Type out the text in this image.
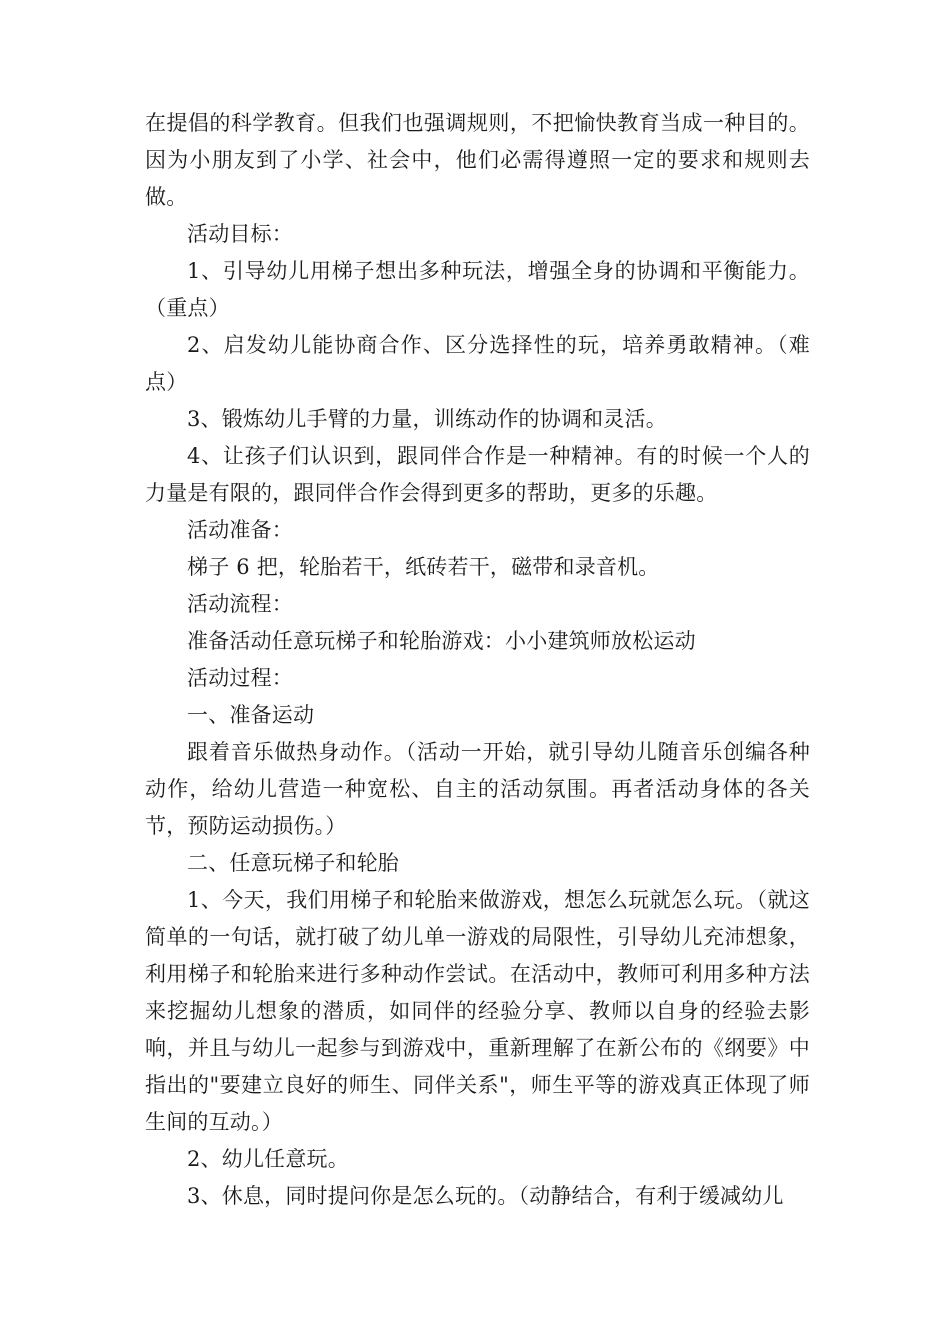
在提倡的科学教育。但我们也强调规则，不把愉快教育当成一种目的。因为小朋友到了小学、社会中，他们必需得遵照一定的要求和规则去做。

活动目标：

1、引导幼儿用梯子想出多种玩法，增强全身的协调和平衡能力。（重点）

2、启发幼儿能协商合作、区分选择性的玩，培养勇敢精神。（难点）

3、锻炼幼儿手臂的力量，训练动作的协调和灵活。

4、让孩子们认识到，跟同伴合作是一种精神。有的时候一个人的力量是有限的，跟同伴合作会得到更多的帮助，更多的乐趣。

活动准备：

梯子 6 把，轮胎若干，纸砖若干，磁带和录音机。

活动流程：

准备活动任意玩梯子和轮胎游戏：小小建筑师放松运动

活动过程：

一、准备运动

跟着音乐做热身动作。（活动一开始，就引导幼儿随音乐创编各种动作，给幼儿营造一种宽松、自主的活动氛围。再者活动身体的各关节，预防运动损伤。）

二、任意玩梯子和轮胎

1、今天，我们用梯子和轮胎来做游戏，想怎么玩就怎么玩。（就这简单的一句话，就打破了幼儿单一游戏的局限性，引导幼儿充沛想象，利用梯子和轮胎来进行多种动作尝试。在活动中，教师可利用多种方法来挖掘幼儿想象的潜质，如同伴的经验分享、教师以自身的经验去影响，并且与幼儿一起参与到游戏中，重新理解了在新公布的《纲要》中指出的"要建立良好的师生、同伴关系"，师生平等的游戏真正体现了师生间的互动。）

2、幼儿任意玩。

3、休息，同时提问你是怎么玩的。（动静结合，有利于缓减幼儿
